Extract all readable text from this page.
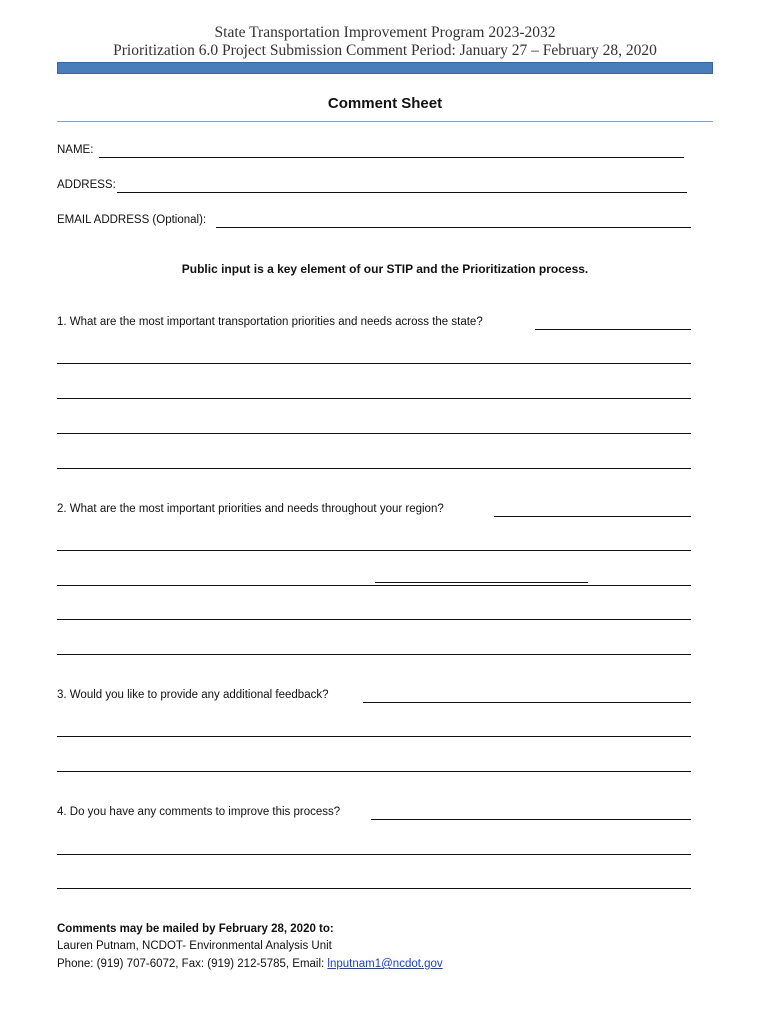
State Transportation Improvement Program 2023-2032
Prioritization 6.0 Project Submission Comment Period: January 27 – February 28, 2020
Comment Sheet
NAME:
ADDRESS:
EMAIL ADDRESS (Optional):
Public input is a key element of our STIP and the Prioritization process.
1. What are the most important transportation priorities and needs across the state?
2. What are the most important priorities and needs throughout your region?
3. Would you like to provide any additional feedback?
4. Do you have any comments to improve this process?
Comments may be mailed by February 28, 2020 to:
Lauren Putnam, NCDOT- Environmental Analysis Unit
Phone: (919) 707-6072, Fax: (919) 212-5785, Email: lnputnam1@ncdot.gov
